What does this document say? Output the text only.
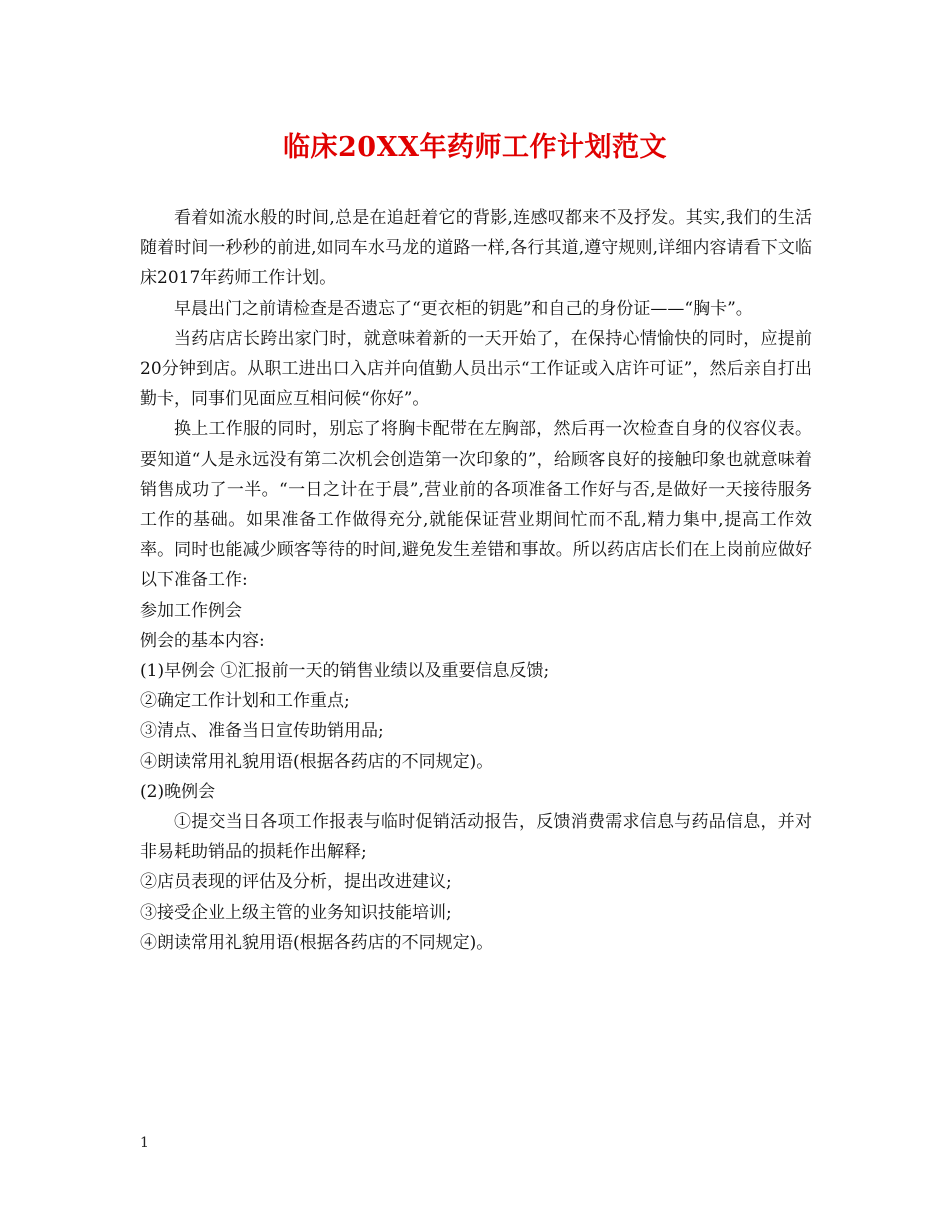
临床20XX年药师工作计划范文

看着如流水般的时间,总是在追赶着它的背影,连感叹都来不及抒发。其实,我们的生活随着时间一秒秒的前进,如同车水马龙的道路一样,各行其道,遵守规则,详细内容请看下文临床2017年药师工作计划。

早晨出门之前请检查是否遗忘了“更衣柜的钥匙”和自己的身份证——“胸卡”。

当药店店长跨出家门时，就意味着新的一天开始了，在保持心情愉快的同时，应提前20分钟到店。从职工进出口入店并向值勤人员出示“工作证或入店许可证”，然后亲自打出勤卡，同事们见面应互相问候“你好”。

换上工作服的同时，别忘了将胸卡配带在左胸部，然后再一次检查自身的仪容仪表。要知道“人是永远没有第二次机会创造第一次印象的”，给顾客良好的接触印象也就意味着销售成功了一半。“一日之计在于晨”,营业前的各项准备工作好与否,是做好一天接待服务工作的基础。如果准备工作做得充分,就能保证营业期间忙而不乱,精力集中,提高工作效率。同时也能减少顾客等待的时间,避免发生差错和事故。所以药店店长们在上岗前应做好以下准备工作:

参加工作例会

例会的基本内容:

(1)早例会 ①汇报前一天的销售业绩以及重要信息反馈;

②确定工作计划和工作重点;

③清点、准备当日宣传助销用品;

④朗读常用礼貌用语(根据各药店的不同规定)。

(2)晚例会

①提交当日各项工作报表与临时促销活动报告，反馈消费需求信息与药品信息，并对非易耗助销品的损耗作出解释;

②店员表现的评估及分析，提出改进建议;

③接受企业上级主管的业务知识技能培训;

④朗读常用礼貌用语(根据各药店的不同规定)。

1
